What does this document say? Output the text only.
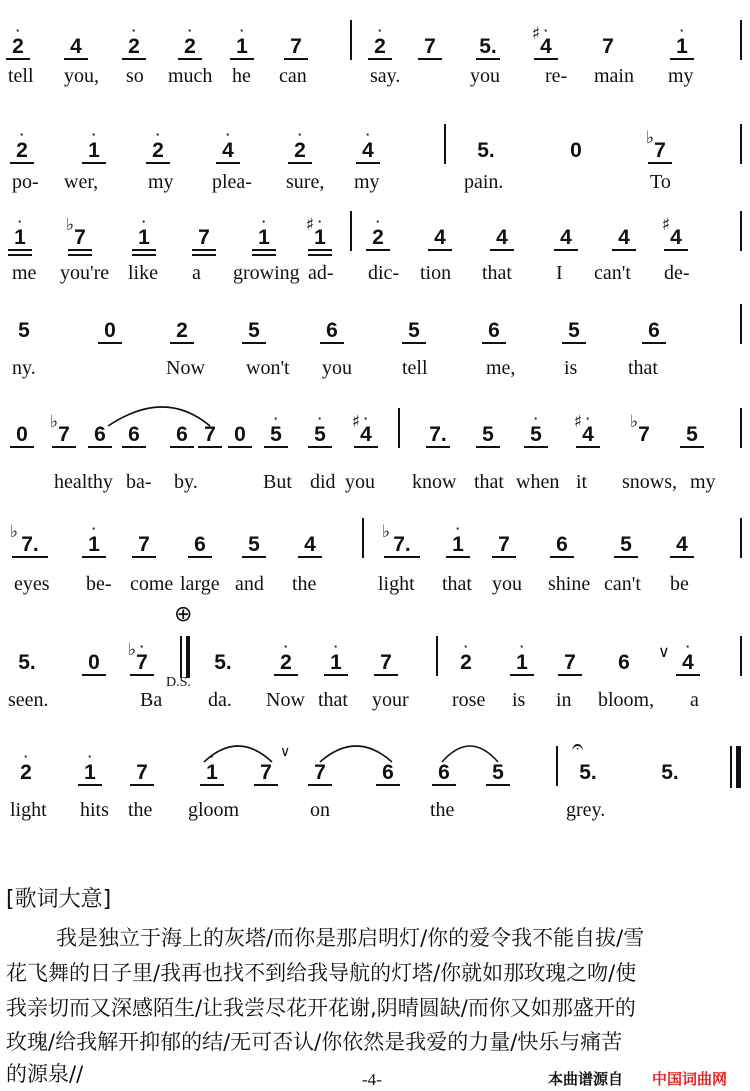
·
2	4
·
2
·
2
·
1	7
·
2	7	5.
♯ ·
4	7
·
1
tell you, so much he can	say.	you re- main my
·
2
·
1
·
2
·
4
·
2
·
4	5.	0
♭
7
po- wer, my plea- sure, my	pain.	To
·
1
♭
7
·
1	7
·
1
♯ ·
1
·
2	4	4	4	4
♯
4
me you're like a growing ad- dic- tion that I can't de-
5	0	2	5	6	5	6	5	6
ny.	Now won't you	tell	me, is	that
0
♭
7	6	6	6 7 0
·
5
·
5
♯ ·
4	7.	5
·
5
♯ ·
4
♭
7	5
healthy ba- by.	But did you know that when it snows, my
♭
7.
·
1	7	6	5	4
♭
7.
·
1	7	6	5	4
eyes be- come large and the	light that you shine can't be
⊕
5.	0
♭ ·
7	5.
·
2
·
1	7
·
2
·
1	7	6	∨	·
4
seen.	Ba
D.S.
da. Now that your rose is in bloom, a
𝄐
·
2
·
1	7
·
1	7
∨
7	6	6	5	5.	5.
light hits the gloom	on	the	grey.
[歌词大意]
我是独立于海上的灰塔/而你是那启明灯/你的爱令我不能自拔/雪
花飞舞的日子里/我再也找不到给我导航的灯塔/你就如那玫瑰之吻/使
我亲切而又深感陌生/让我尝尽花开花谢,阴晴圆缺/而你又如那盛开的
玫瑰/给我解开抑郁的结/无可否认/你依然是我爱的力量/快乐与痛苦
的源泉//	-4-	本曲谱源自 中国词曲网
